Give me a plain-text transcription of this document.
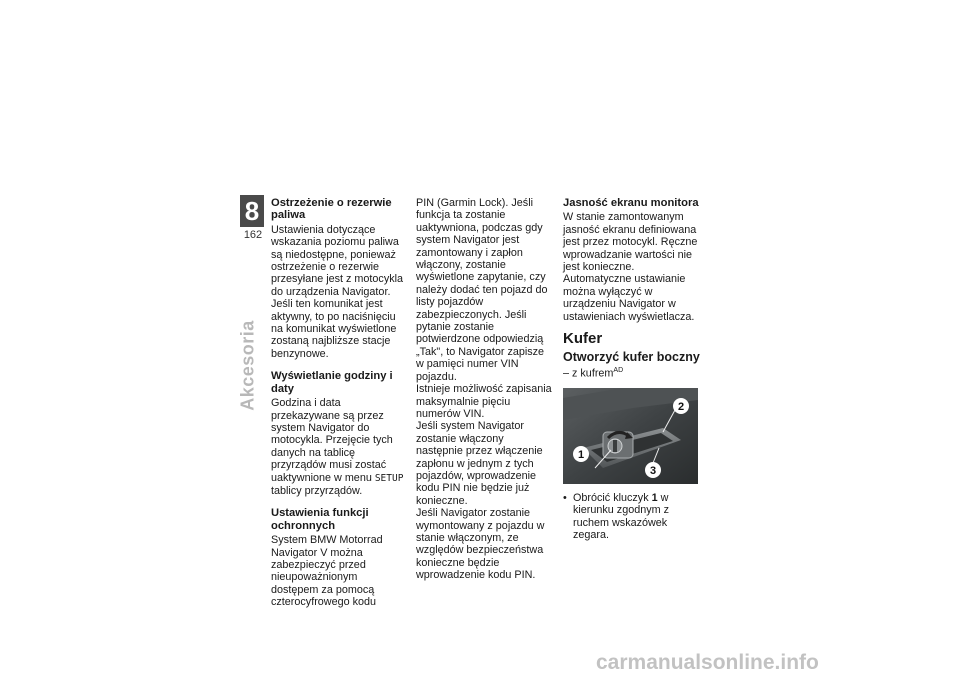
8
162
Akcesoria
Ostrzeżenie o rezerwie paliwa

Ustawienia dotyczące wskazania poziomu paliwa są niedostępne, ponieważ ostrzeżenie o rezerwie przesyłane jest z motocykla do urządzenia Navigator. Jeśli ten komunikat jest aktywny, to po naciśnięciu na komunikat wyświetlone zostaną najbliższe stacje benzynowe.

Wyświetlanie godziny i daty

Godzina i data przekazywane są przez system Navigator do motocykla. Przejęcie tych danych na tablicę przyrządów musi zostać uaktywnione w menu SETUP tablicy przyrządów.

Ustawienia funkcji ochronnych

System BMW Motorrad Navigator V można zabezpieczyć przed nieupoważnionym dostępem za pomocą czterocyfrowego kodu

PIN (Garmin Lock). Jeśli funkcja ta zostanie uaktywniona, podczas gdy system Navigator jest zamontowany i zapłon włączony, zostanie wyświetlone zapytanie, czy należy dodać ten pojazd do listy pojazdów zabezpieczonych. Jeśli pytanie zostanie potwierdzone odpowiedzią „Tak", to Navigator zapisze w pamięci numer VIN pojazdu.

Istnieje możliwość zapisania maksymalnie pięciu numerów VIN.

Jeśli system Navigator zostanie włączony następnie przez włączenie zapłonu w jednym z tych pojazdów, wprowadzenie kodu PIN nie będzie już konieczne.

Jeśli Navigator zostanie wymontowany z pojazdu w stanie włączonym, ze względów bezpieczeństwa konieczne będzie wprowadzenie kodu PIN.

Jasność ekranu monitora

W stanie zamontowanym jasność ekranu definiowana jest przez motocykl. Ręczne wprowadzanie wartości nie jest konieczne. Automatyczne ustawianie można wyłączyć w urządzeniu Navigator w ustawieniach wyświetlacza.

Kufer
Otworzyć kufer boczny
– z kufrem$^{AD}$
1
2
3
• Obrócić kluczyk 1 w kierunku zgodnym z ruchem wskazówek zegara.
carmanualsonline.info
